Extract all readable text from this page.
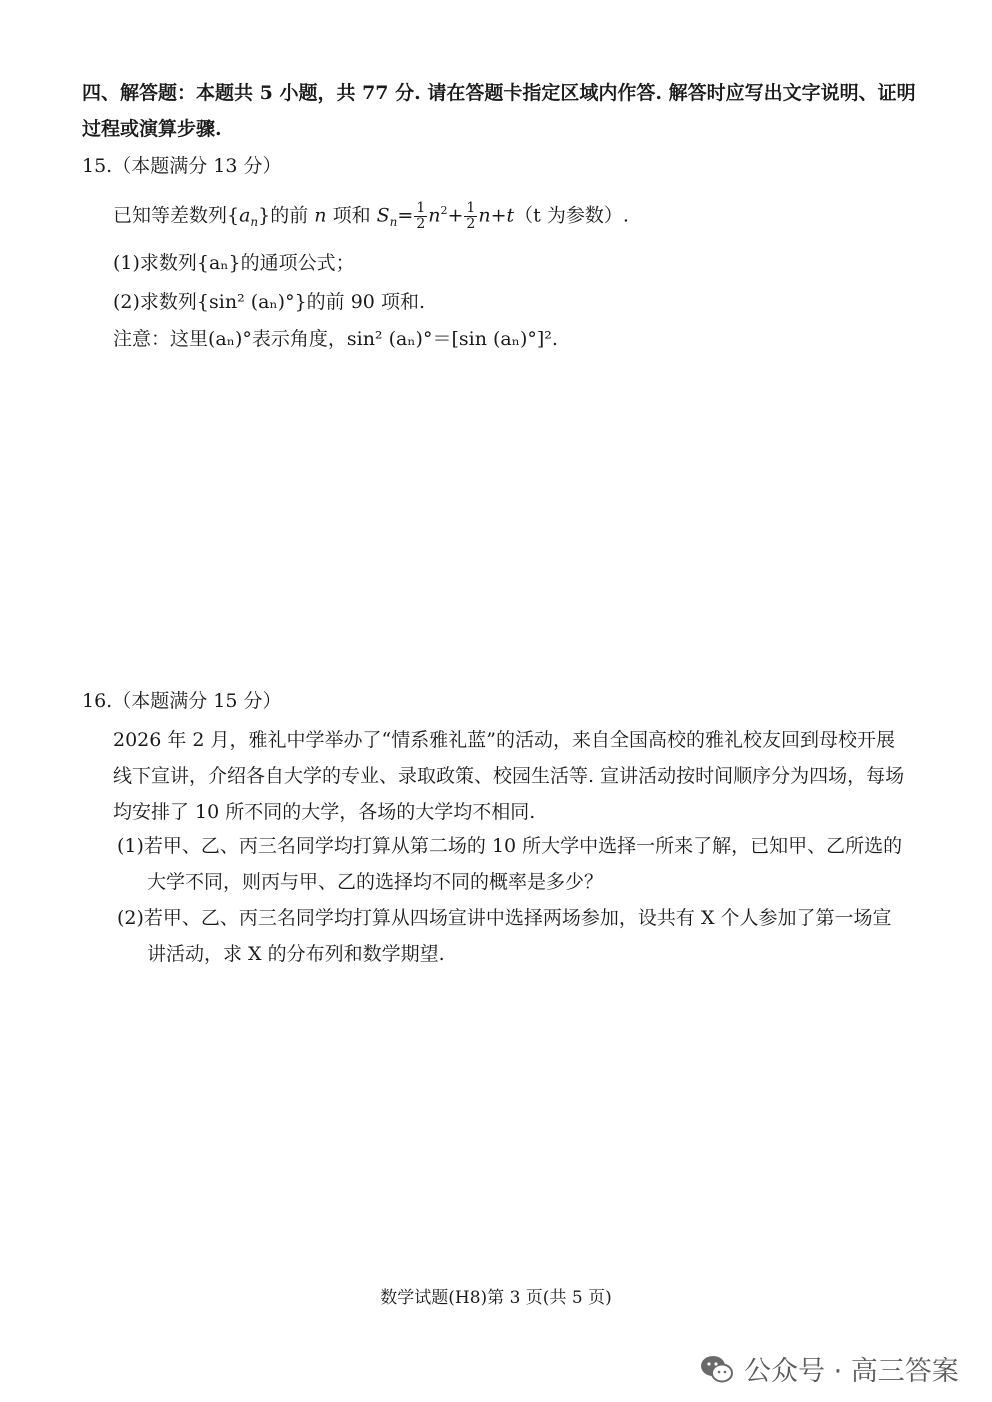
四、解答题：本题共 5 小题，共 77 分. 请在答题卡指定区域内作答. 解答时应写出文字说明、证明
过程或演算步骤.
15.（本题满分 13 分）
已知等差数列$\{a_n\}$的前 n 项和 $S_n= \frac{1}{2} n^2+ \frac{1}{2} n+t(t$ 为参数）.
(1)求数列{aₙ}的通项公式；
(2)求数列{sin² (aₙ)°}的前 90 项和.
注意：这里(aₙ)°表示角度，sin² (aₙ)°＝[sin (aₙ)°]².
16.（本题满分 15 分）
2026 年 2 月，雅礼中学举办了“情系雅礼蓝”的活动，来自全国高校的雅礼校友回到母校开展
线下宣讲，介绍各自大学的专业、录取政策、校园生活等. 宣讲活动按时间顺序分为四场，每场
均安排了 10 所不同的大学，各场的大学均不相同.
(1)若甲、乙、丙三名同学均打算从第二场的 10 所大学中选择一所来了解，已知甲、乙所选的
大学不同，则丙与甲、乙的选择均不同的概率是多少？
(2)若甲、乙、丙三名同学均打算从四场宣讲中选择两场参加，设共有 X 个人参加了第一场宣
讲活动，求 X 的分布列和数学期望.
数学试题(H8)第 3 页(共 5 页)
公众号 · 高三答案
